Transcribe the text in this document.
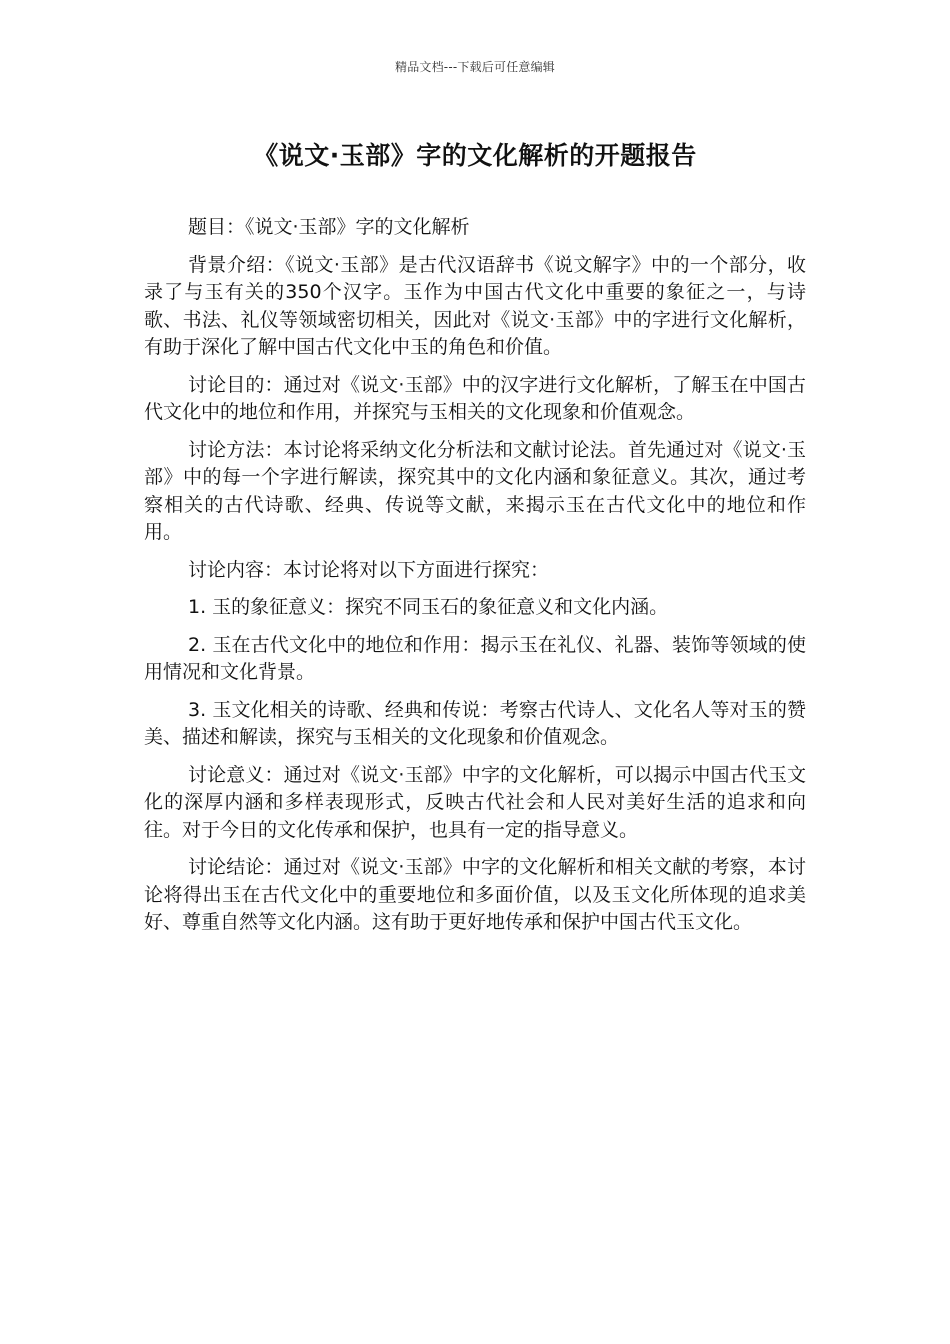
精品文档---下载后可任意编辑
《说文·玉部》字的文化解析的开题报告

题目：《说文·玉部》字的文化解析

背景介绍：《说文·玉部》是古代汉语辞书《说文解字》中的一个部分，收录了与玉有关的350个汉字。玉作为中国古代文化中重要的象征之一，与诗歌、书法、礼仪等领域密切相关，因此对《说文·玉部》中的字进行文化解析，有助于深化了解中国古代文化中玉的角色和价值。

讨论目的：通过对《说文·玉部》中的汉字进行文化解析，了解玉在中国古代文化中的地位和作用，并探究与玉相关的文化现象和价值观念。

讨论方法：本讨论将采纳文化分析法和文献讨论法。首先通过对《说文·玉部》中的每一个字进行解读，探究其中的文化内涵和象征意义。其次，通过考察相关的古代诗歌、经典、传说等文献，来揭示玉在古代文化中的地位和作用。

讨论内容：本讨论将对以下方面进行探究：

1. 玉的象征意义：探究不同玉石的象征意义和文化内涵。

2. 玉在古代文化中的地位和作用：揭示玉在礼仪、礼器、装饰等领域的使用情况和文化背景。

3. 玉文化相关的诗歌、经典和传说：考察古代诗人、文化名人等对玉的赞美、描述和解读，探究与玉相关的文化现象和价值观念。

讨论意义：通过对《说文·玉部》中字的文化解析，可以揭示中国古代玉文化的深厚内涵和多样表现形式，反映古代社会和人民对美好生活的追求和向往。对于今日的文化传承和保护，也具有一定的指导意义。

讨论结论：通过对《说文·玉部》中字的文化解析和相关文献的考察，本讨论将得出玉在古代文化中的重要地位和多面价值，以及玉文化所体现的追求美好、尊重自然等文化内涵。这有助于更好地传承和保护中国古代玉文化。
